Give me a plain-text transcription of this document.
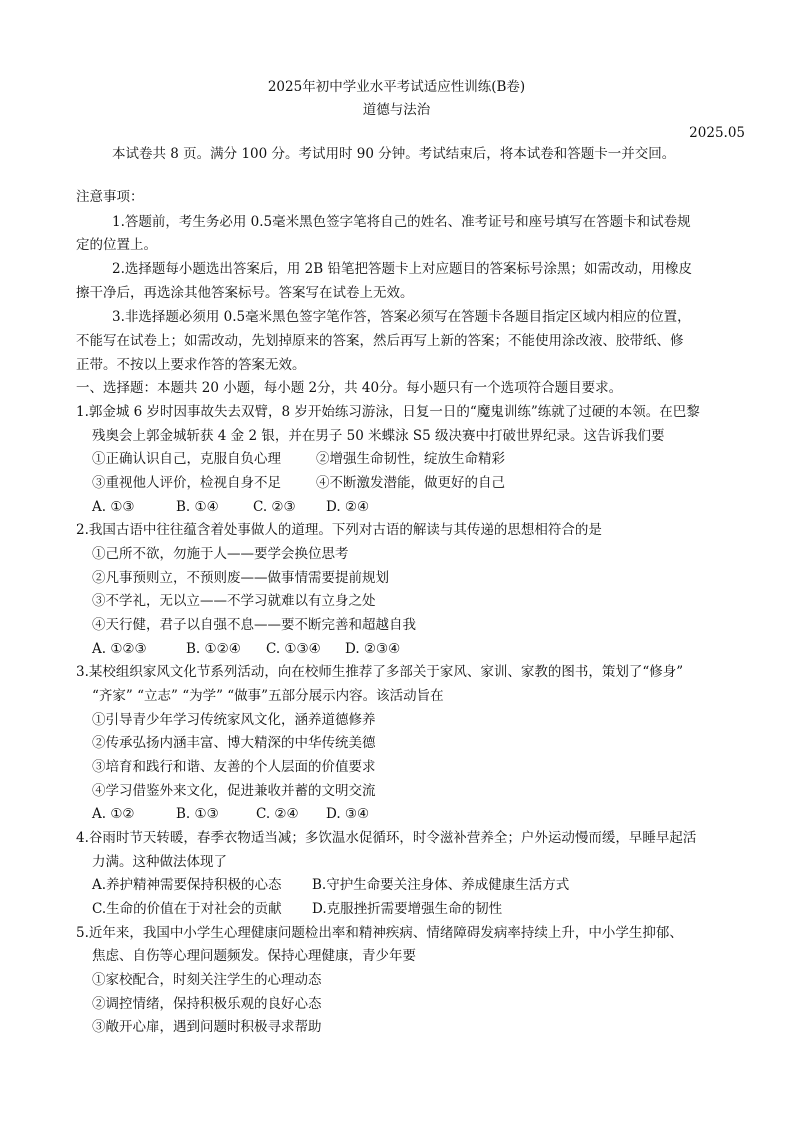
2025年初中学业水平考试适应性训练(B卷)
道德与法治
2025.05
本试卷共 8 页。满分 100 分。考试用时 90 分钟。考试结束后，将本试卷和答题卡一并交回。
注意事项：
1.答题前，考生务必用 0.5毫米黑色签字笔将自己的姓名、准考证号和座号填写在答题卡和试卷规
定的位置上。
2.选择题每小题选出答案后，用 2B 铅笔把答题卡上对应题目的答案标号涂黑；如需改动，用橡皮
擦干净后，再选涂其他答案标号。答案写在试卷上无效。
3.非选择题必须用 0.5毫米黑色签字笔作答，答案必须写在答题卡各题目指定区域内相应的位置，
不能写在试卷上；如需改动，先划掉原来的答案，然后再写上新的答案；不能使用涂改液、胶带纸、修
正带。不按以上要求作答的答案无效。
一、选择题：本题共 20 小题，每小题 2分，共 40分。每小题只有一个选项符合题目要求。
1.郭金城 6 岁时因事故失去双臂，8 岁开始练习游泳，日复一日的“魔鬼训练”练就了过硬的本领。在巴黎
残奥会上郭金城斩获 4 金 2 银，并在男子 50 米蝶泳 S5 级决赛中打破世界纪录。这告诉我们要
①正确认识自己，克服自负心理	②增强生命韧性，绽放生命精彩
③重视他人评价，检视自身不足	④不断激发潜能，做更好的自己
A. ①③	B. ①④	C. ②③ D. ②④
2.我国古语中往往蕴含着处事做人的道理。下列对古语的解读与其传递的思想相符合的是
①己所不欲，勿施于人——要学会换位思考
②凡事预则立，不预则废——做事情需要提前规划
③不学礼，无以立——不学习就难以有立身之处
④天行健，君子以自强不息——要不断完善和超越自我
A. ①②③	B. ①②④ C. ①③④ D. ②③④
3.某校组织家风文化节系列活动，向在校师生推荐了多部关于家风、家训、家教的图书，策划了“修身”
“齐家” “立志” “为学” “做事”五部分展示内容。该活动旨在
①引导青少年学习传统家风文化，涵养道德修养
②传承弘扬内涵丰富、博大精深的中华传统美德
③培育和践行和谐、友善的个人层面的价值要求
④学习借鉴外来文化，促进兼收并蓄的文明交流
A. ①②	B. ①③	C. ②④ D. ③④
4.谷雨时节天转暖，春季衣物适当减；多饮温水促循环，时令滋补营养全；户外运动慢而缓，早睡早起活
力满。这种做法体现了
A.养护精神需要保持积极的心态 B.守护生命要关注身体、养成健康生活方式
C.生命的价值在于对社会的贡献 D.克服挫折需要增强生命的韧性
5.近年来，我国中小学生心理健康问题检出率和精神疾病、情绪障碍发病率持续上升，中小学生抑郁、
焦虑、自伤等心理问题频发。保持心理健康，青少年要
①家校配合，时刻关注学生的心理动态
②调控情绪，保持积极乐观的良好心态
③敞开心扉，遇到问题时积极寻求帮助
